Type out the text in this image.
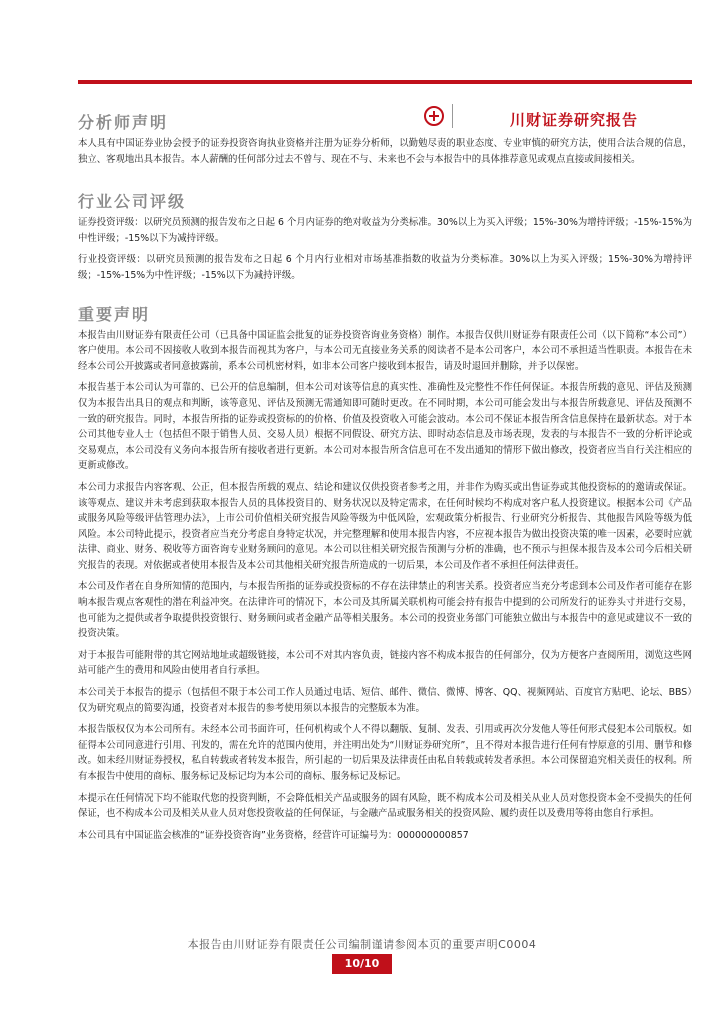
川财证券研究报告
分析师声明

本人具有中国证券业协会授予的证券投资咨询执业资格并注册为证券分析师，以勤勉尽责的职业态度、专业审慎的研究方法，使用合法合规的信息，独立、客观地出具本报告。本人薪酬的任何部分过去不曾与、现在不与、未来也不会与本报告中的具体推荐意见或观点直接或间接相关。

行业公司评级

证券投资评级：以研究员预测的报告发布之日起 6 个月内证券的绝对收益为分类标准。30%以上为买入评级；15%-30%为增持评级；-15%-15%为中性评级；-15%以下为减持评级。

行业投资评级：以研究员预测的报告发布之日起 6 个月内行业相对市场基准指数的收益为分类标准。30%以上为买入评级；15%-30%为增持评级；-15%-15%为中性评级；-15%以下为减持评级。

重要声明

本报告由川财证券有限责任公司（已具备中国证监会批复的证券投资咨询业务资格）制作。本报告仅供川财证券有限责任公司（以下简称“本公司”）客户使用。本公司不因接收人收到本报告而视其为客户，与本公司无直接业务关系的阅读者不是本公司客户，本公司不承担适当性职责。本报告在未经本公司公开披露或者同意披露前，系本公司机密材料，如非本公司客户接收到本报告，请及时退回并删除，并予以保密。

本报告基于本公司认为可靠的、已公开的信息编制，但本公司对该等信息的真实性、准确性及完整性不作任何保证。本报告所载的意见、评估及预测仅为本报告出具日的观点和判断，该等意见、评估及预测无需通知即可随时更改。在不同时期，本公司可能会发出与本报告所载意见、评估及预测不一致的研究报告。同时，本报告所指的证券或投资标的的价格、价值及投资收入可能会波动。本公司不保证本报告所含信息保持在最新状态。对于本公司其他专业人士（包括但不限于销售人员、交易人员）根据不同假设、研究方法、即时动态信息及市场表现，发表的与本报告不一致的分析评论或交易观点，本公司没有义务向本报告所有接收者进行更新。本公司对本报告所含信息可在不发出通知的情形下做出修改，投资者应当自行关注相应的更新或修改。

本公司力求报告内容客观、公正，但本报告所载的观点、结论和建议仅供投资者参考之用，并非作为购买或出售证券或其他投资标的的邀请或保证。该等观点、建议并未考虑到获取本报告人员的具体投资目的、财务状况以及特定需求，在任何时候均不构成对客户私人投资建议。根据本公司《产品或服务风险等级评估管理办法》，上市公司价值相关研究报告风险等级为中低风险，宏观政策分析报告、行业研究分析报告、其他报告风险等级为低风险。本公司特此提示，投资者应当充分考虑自身特定状况，并完整理解和使用本报告内容，不应视本报告为做出投资决策的唯一因素，必要时应就法律、商业、财务、税收等方面咨询专业财务顾问的意见。本公司以往相关研究报告预测与分析的准确，也不预示与担保本报告及本公司今后相关研究报告的表现。对依据或者使用本报告及本公司其他相关研究报告所造成的一切后果，本公司及作者不承担任何法律责任。

本公司及作者在自身所知情的范围内，与本报告所指的证券或投资标的不存在法律禁止的利害关系。投资者应当充分考虑到本公司及作者可能存在影响本报告观点客观性的潜在利益冲突。在法律许可的情况下，本公司及其所属关联机构可能会持有报告中提到的公司所发行的证券头寸并进行交易，也可能为之提供或者争取提供投资银行、财务顾问或者金融产品等相关服务。本公司的投资业务部门可能独立做出与本报告中的意见或建议不一致的投资决策。

对于本报告可能附带的其它网站地址或超级链接，本公司不对其内容负责，链接内容不构成本报告的任何部分，仅为方便客户查阅所用，浏览这些网站可能产生的费用和风险由使用者自行承担。

本公司关于本报告的提示（包括但不限于本公司工作人员通过电话、短信、邮件、微信、微博、博客、QQ、视频网站、百度官方贴吧、论坛、BBS）仅为研究观点的简要沟通，投资者对本报告的参考使用须以本报告的完整版本为准。

本报告版权仅为本公司所有。未经本公司书面许可，任何机构或个人不得以翻版、复制、发表、引用或再次分发他人等任何形式侵犯本公司版权。如征得本公司同意进行引用、刊发的，需在允许的范围内使用，并注明出处为“川财证券研究所”，且不得对本报告进行任何有悖原意的引用、删节和修改。如未经川财证券授权，私自转载或者转发本报告，所引起的一切后果及法律责任由私自转载或转发者承担。本公司保留追究相关责任的权利。所有本报告中使用的商标、服务标记及标记均为本公司的商标、服务标记及标记。

本提示在任何情况下均不能取代您的投资判断，不会降低相关产品或服务的固有风险，既不构成本公司及相关从业人员对您投资本金不受损失的任何保证，也不构成本公司及相关从业人员对您投资收益的任何保证，与金融产品或服务相关的投资风险、履约责任以及费用等将由您自行承担。

本公司具有中国证监会核准的“证券投资咨询”业务资格，经营许可证编号为：000000000857

本报告由川财证券有限责任公司编制谨请参阅本页的重要声明C0004
10/10
